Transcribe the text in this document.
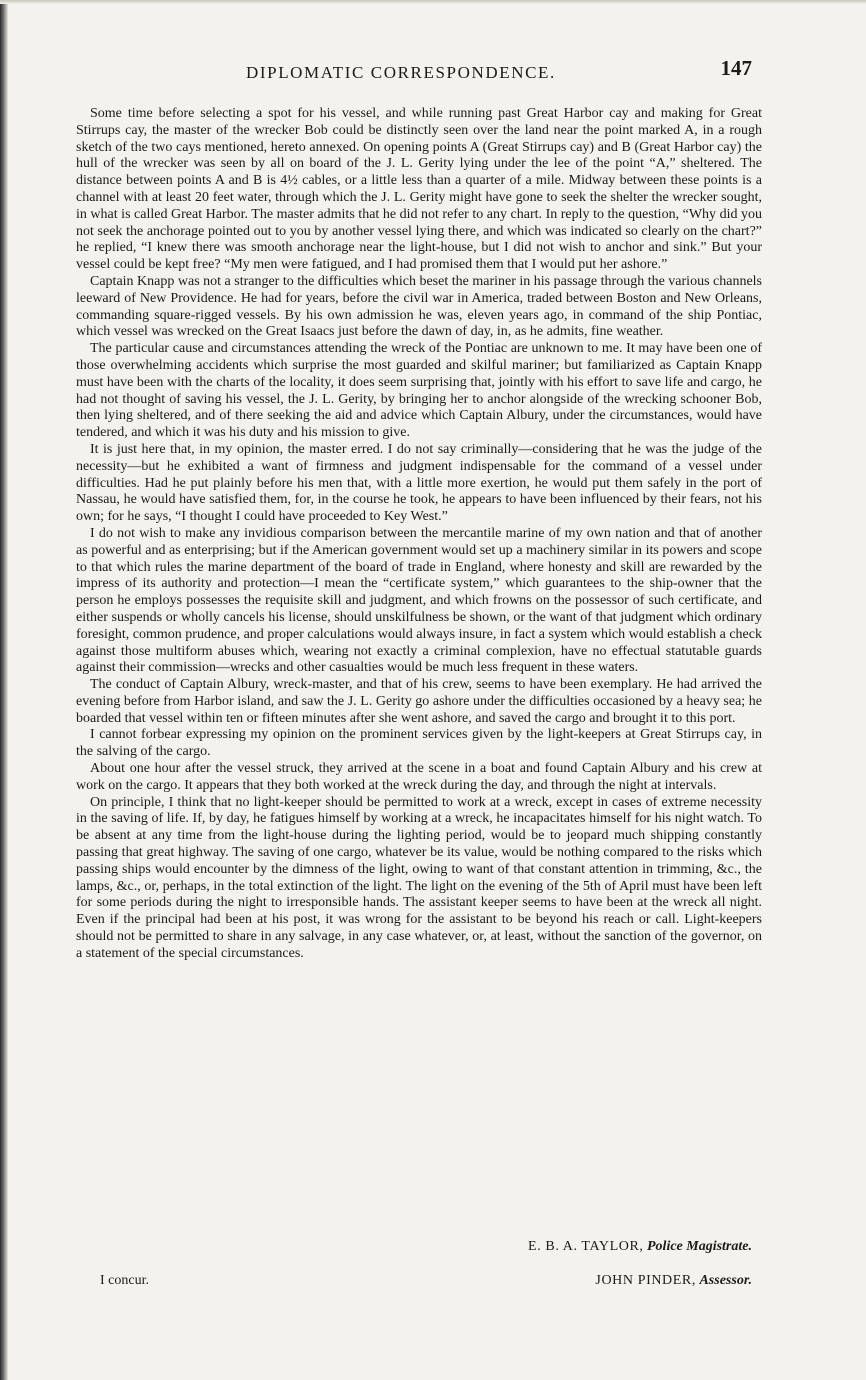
DIPLOMATIC CORRESPONDENCE.	147

Some time before selecting a spot for his vessel, and while running past Great Harbor cay and making for Great Stirrups cay, the master of the wrecker Bob could be distinctly seen over the land near the point marked A, in a rough sketch of the two cays mentioned, hereto annexed. On opening points A (Great Stirrups cay) and B (Great Harbor cay) the hull of the wrecker was seen by all on board of the J. L. Gerity lying under the lee of the point “A,” sheltered. The distance between points A and B is 4½ cables, or a little less than a quarter of a mile. Midway between these points is a channel with at least 20 feet water, through which the J. L. Gerity might have gone to seek the shelter the wrecker sought, in what is called Great Harbor. The master admits that he did not refer to any chart. In reply to the question, “Why did you not seek the anchorage pointed out to you by another vessel lying there, and which was indicated so clearly on the chart?” he replied, “I knew there was smooth anchorage near the light-house, but I did not wish to anchor and sink.” But your vessel could be kept free? “My men were fatigued, and I had promised them that I would put her ashore.”

Captain Knapp was not a stranger to the difficulties which beset the mariner in his passage through the various channels leeward of New Providence. He had for years, before the civil war in America, traded between Boston and New Orleans, commanding square-rigged vessels. By his own admission he was, eleven years ago, in command of the ship Pontiac, which vessel was wrecked on the Great Isaacs just before the dawn of day, in, as he admits, fine weather.

The particular cause and circumstances attending the wreck of the Pontiac are unknown to me. It may have been one of those overwhelming accidents which surprise the most guarded and skilful mariner; but familiarized as Captain Knapp must have been with the charts of the locality, it does seem surprising that, jointly with his effort to save life and cargo, he had not thought of saving his vessel, the J. L. Gerity, by bringing her to anchor alongside of the wrecking schooner Bob, then lying sheltered, and of there seeking the aid and advice which Captain Albury, under the circumstances, would have tendered, and which it was his duty and his mission to give.

It is just here that, in my opinion, the master erred. I do not say criminally—considering that he was the judge of the necessity—but he exhibited a want of firmness and judgment indispensable for the command of a vessel under difficulties. Had he put plainly before his men that, with a little more exertion, he would put them safely in the port of Nassau, he would have satisfied them, for, in the course he took, he appears to have been influenced by their fears, not his own; for he says, “I thought I could have proceeded to Key West.”

I do not wish to make any invidious comparison between the mercantile marine of my own nation and that of another as powerful and as enterprising; but if the American government would set up a machinery similar in its powers and scope to that which rules the marine department of the board of trade in England, where honesty and skill are rewarded by the impress of its authority and protection—I mean the “certificate system,” which guarantees to the ship-owner that the person he employs possesses the requisite skill and judgment, and which frowns on the possessor of such certificate, and either suspends or wholly cancels his license, should unskilfulness be shown, or the want of that judgment which ordinary foresight, common prudence, and proper calculations would always insure, in fact a system which would establish a check against those multiform abuses which, wearing not exactly a criminal complexion, have no effectual statutable guards against their commission—wrecks and other casualties would be much less frequent in these waters.

The conduct of Captain Albury, wreck-master, and that of his crew, seems to have been exemplary. He had arrived the evening before from Harbor island, and saw the J. L. Gerity go ashore under the difficulties occasioned by a heavy sea; he boarded that vessel within ten or fifteen minutes after she went ashore, and saved the cargo and brought it to this port.

I cannot forbear expressing my opinion on the prominent services given by the light-keepers at Great Stirrups cay, in the salving of the cargo.

About one hour after the vessel struck, they arrived at the scene in a boat and found Captain Albury and his crew at work on the cargo. It appears that they both worked at the wreck during the day, and through the night at intervals.

On principle, I think that no light-keeper should be permitted to work at a wreck, except in cases of extreme necessity in the saving of life. If, by day, he fatigues himself by working at a wreck, he incapacitates himself for his night watch. To be absent at any time from the light-house during the lighting period, would be to jeopard much shipping constantly passing that great highway. The saving of one cargo, whatever be its value, would be nothing compared to the risks which passing ships would encounter by the dimness of the light, owing to want of that constant attention in trimming, &c., the lamps, &c., or, perhaps, in the total extinction of the light. The light on the evening of the 5th of April must have been left for some periods during the night to irresponsible hands. The assistant keeper seems to have been at the wreck all night. Even if the principal had been at his post, it was wrong for the assistant to be beyond his reach or call. Light-keepers should not be permitted to share in any salvage, in any case whatever, or, at least, without the sanction of the governor, on a statement of the special circumstances.

E. B. A. TAYLOR, Police Magistrate.
I concur.	JOHN PINDER, Assessor.
